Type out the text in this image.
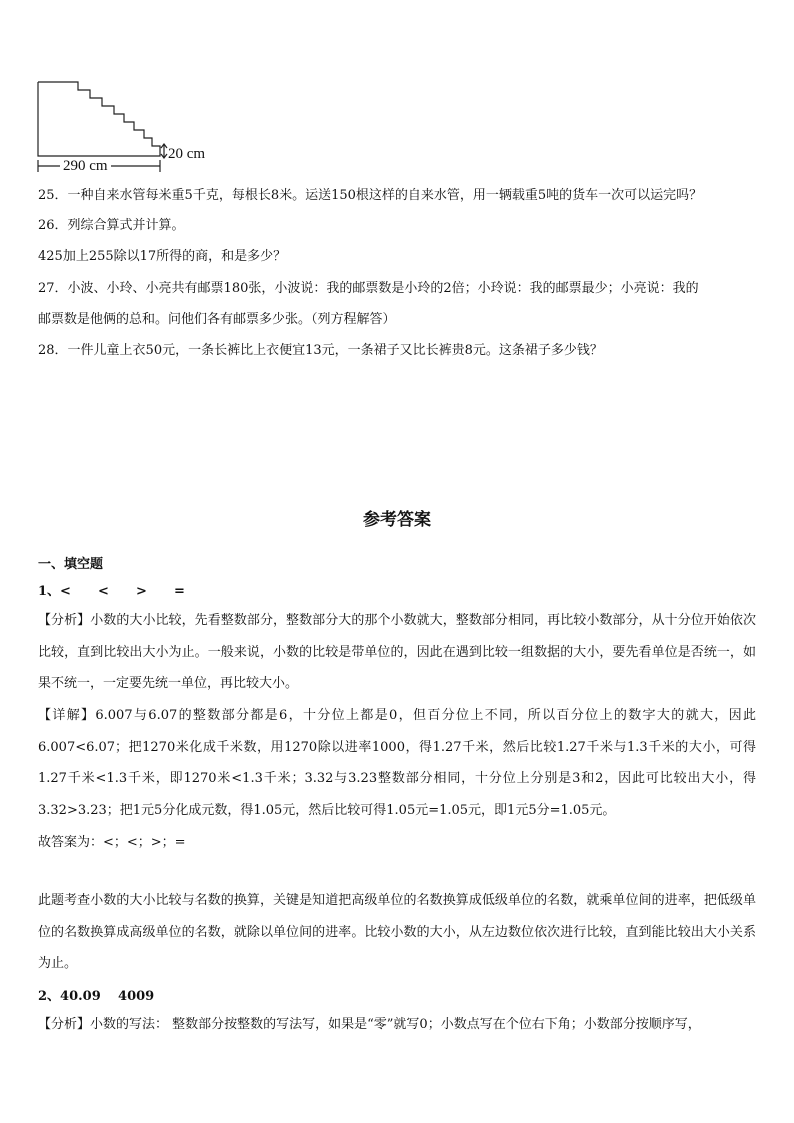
290 cm
20 cm
25．一种自来水管每米重5千克，每根长8米。运送150根这样的自来水管，用一辆载重5吨的货车一次可以运完吗？
26．列综合算式并计算。
425加上255除以17所得的商，和是多少？
27．小波、小玲、小亮共有邮票180张，小波说：我的邮票数是小玲的2倍；小玲说：我的邮票最少；小亮说：我的
邮票数是他俩的总和。问他们各有邮票多少张。（列方程解答）
28．一件儿童上衣50元，一条长裤比上衣便宜13元，一条裙子又比长裤贵8元。这条裙子多少钱？
参考答案
一、填空题
1、< < > =
【分析】小数的大小比较，先看整数部分，整数部分大的那个小数就大，整数部分相同，再比较小数部分，从十分位开始依次比较，直到比较出大小为止。一般来说，小数的比较是带单位的，因此在遇到比较一组数据的大小，要先看单位是否统一，如果不统一，一定要先统一单位，再比较大小。
【详解】6.007与6.07的整数部分都是6，十分位上都是0，但百分位上不同，所以百分位上的数字大的就大，因此6.007<6.07；把1270米化成千米数，用1270除以进率1000，得1.27千米，然后比较1.27千米与1.3千米的大小，可得1.27千米<1.3千米，即1270米<1.3千米；3.32与3.23整数部分相同，十分位上分别是3和2，因此可比较出大小，得3.32>3.23；把1元5分化成元数，得1.05元，然后比较可得1.05元=1.05元，即1元5分=1.05元。
故答案为：<；<；>；=
此题考查小数的大小比较与名数的换算，关键是知道把高级单位的名数换算成低级单位的名数，就乘单位间的进率，把低级单位的名数换算成高级单位的名数，就除以单位间的进率。比较小数的大小，从左边数位依次进行比较，直到能比较出大小关系为止。
2、40.09 4009
【分析】小数的写法： 整数部分按整数的写法写，如果是“零”就写0；小数点写在个位右下角；小数部分按顺序写，
